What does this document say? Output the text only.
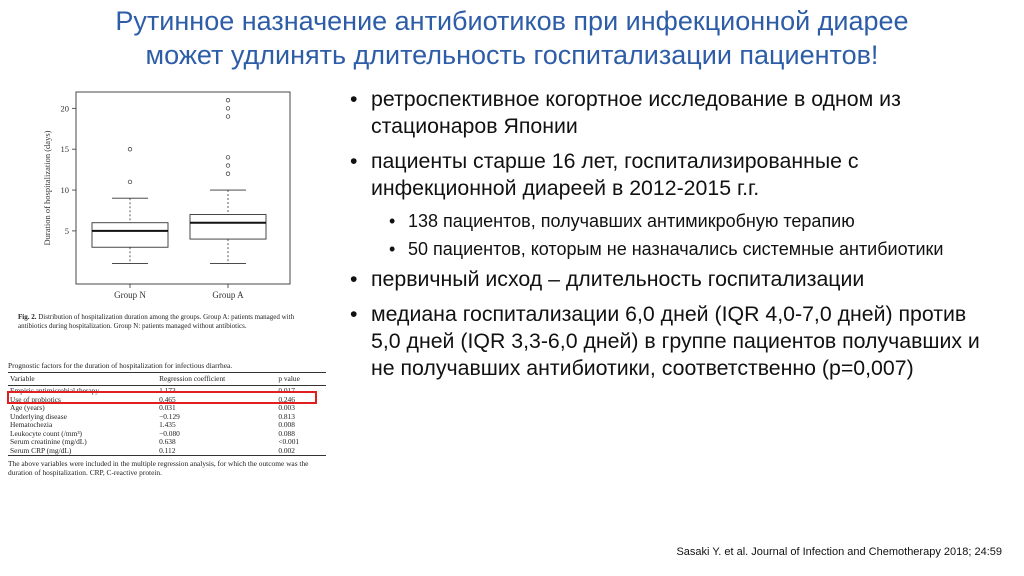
Рутинное назначение антибиотиков при инфекционной диарее
может удлинять длительность госпитализации пациентов!
5
10
15
20
Duration of hospitalization (days)
Group N	Group A
Fig. 2. Distribution of hospitalization duration among the groups. Group A: patients managed with antibiotics during hospitalization. Group N: patients managed without antibiotics.
Prognostic factors for the duration of hospitalization for infectious diarrhea.
Variable	Regression coefficient	p value
Empiric antimicrobial therapy	1.173	0.017
Use of probiotics	0.465	0.246
Age (years)	0.031	0.003
Underlying disease	−0.129	0.813
Hematochezia	1.435	0.008
Leukocyte count (/mm³)	−0.080	0.088
Serum creatinine (mg/dL)	0.638	<0.001
Serum CRP (mg/dL)	0.112	0.002
The above variables were included in the multiple regression analysis, for which the outcome was the duration of hospitalization. CRP, C-reactive protein.
• ретроспективное когортное исследование в одном из стационаров Японии
• пациенты старше 16 лет, госпитализированные с инфекционной диареей в 2012-2015 г.г.
• 138 пациентов, получавших антимикробную терапию
• 50 пациентов, которым не назначались системные антибиотики
• первичный исход – длительность госпитализации
• медиана госпитализации 6,0 дней (IQR 4,0-7,0 дней) против 5,0 дней (IQR 3,3-6,0 дней) в группе пациентов получавших и не получавших антибиотики, соответственно (p=0,007)
Sasaki Y. et al. Journal of Infection and Chemotherapy 2018; 24:59
